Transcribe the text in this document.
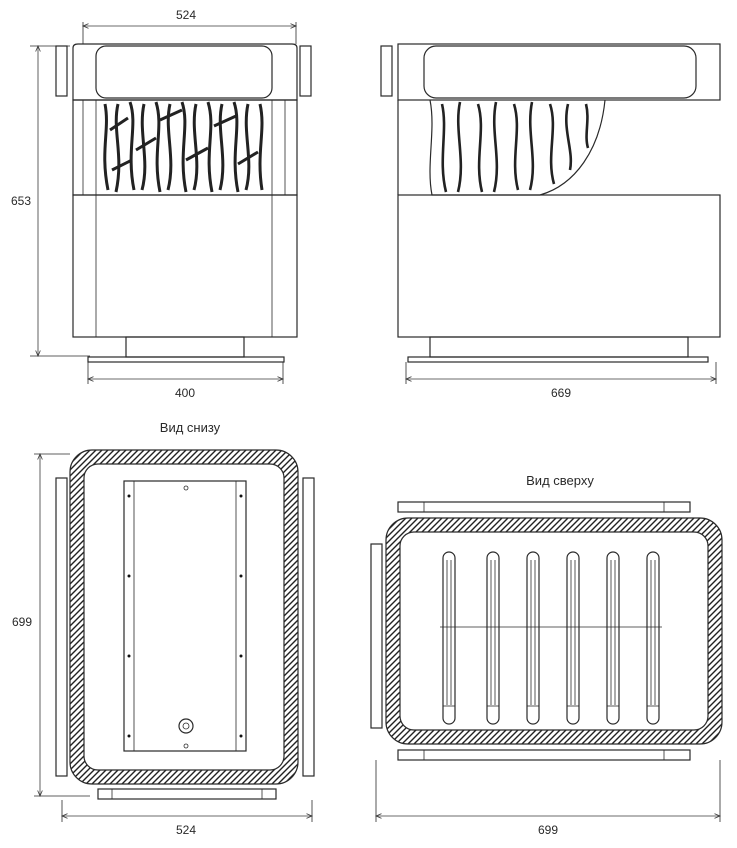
524
653
400	669
Вид снизу
699
524
Вид сверху
699
